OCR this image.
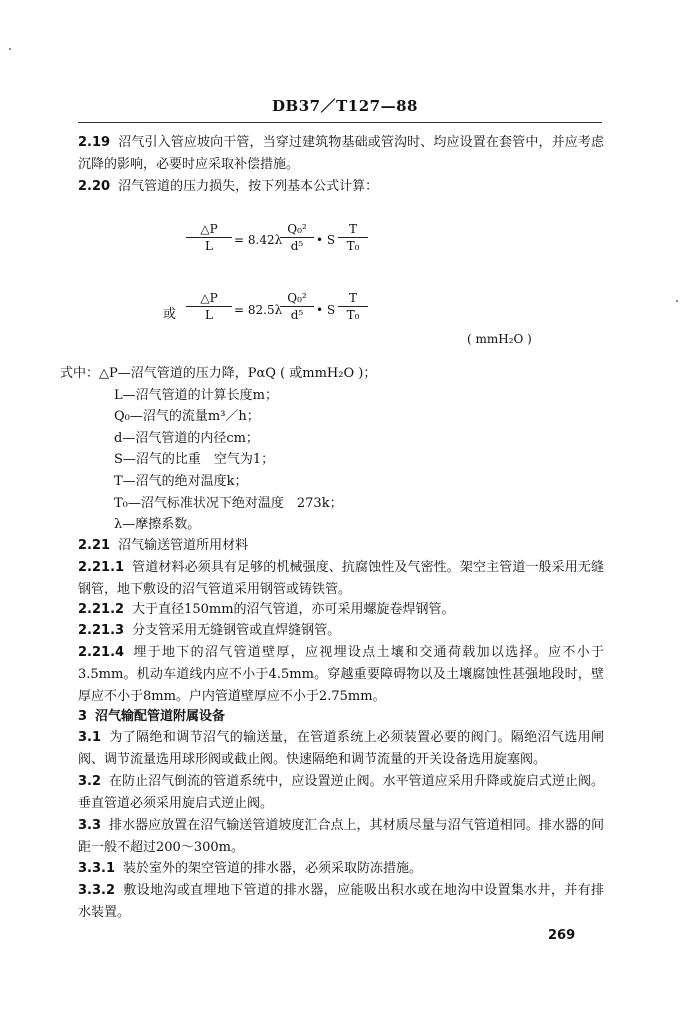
DB37／T127—88
2.19 沼气引入管应坡向干管，当穿过建筑物基础或管沟时、均应设置在套管中，并应考虑沉降的影响，必要时应采取补偿措施。
2.20 沼气管道的压力损失，按下列基本公式计算：
△P
L	= 8.42λ
Q₀²
d⁵	• S
T
T₀
或
△P
L	= 82.5λ
Q₀²
d⁵	• S
T
T₀
( mmH₂O )
式中：△P—沼气管道的压力降，PαQ ( 或mmH₂O )；
L—沼气管道的计算长度m；
Q₀—沼气的流量m³／h；
d—沼气管道的内径cm；
S—沼气的比重　空气为1；
T—沼气的绝对温度k；
T₀—沼气标准状况下绝对温度　273k；
λ—摩擦系数。
2.21 沼气输送管道所用材料
2.21.1 管道材料必须具有足够的机械强度、抗腐蚀性及气密性。架空主管道一般采用无缝钢管，地下敷设的沼气管道采用钢管或铸铁管。
2.21.2 大于直径150mm的沼气管道，亦可采用螺旋卷焊钢管。
2.21.3 分支管采用无缝钢管或直焊缝钢管。
2.21.4 埋于地下的沼气管道壁厚，应视埋设点土壤和交通荷载加以选择。应不小于3.5mm。机动车道线内应不小于4.5mm。穿越重要障碍物以及土壤腐蚀性甚强地段时，壁厚应不小于8mm。户内管道壁厚应不小于2.75mm。
3 沼气输配管道附属设备
3.1 为了隔绝和调节沼气的输送量，在管道系统上必须装置必要的阀门。隔绝沼气选用闸阀、调节流量选用球形阀或截止阀。快速隔绝和调节流量的开关设备选用旋塞阀。
3.2 在防止沼气倒流的管道系统中，应设置逆止阀。水平管道应采用升降或旋启式逆止阀。垂直管道必须采用旋启式逆止阀。
3.3 排水器应放置在沼气输送管道坡度汇合点上，其材质尽量与沼气管道相同。排水器的间距一般不超过200～300m。
3.3.1 装於室外的架空管道的排水器，必须采取防冻措施。
3.3.2 敷设地沟或直埋地下管道的排水器，应能吸出积水或在地沟中设置集水井，并有排水装置。
269
